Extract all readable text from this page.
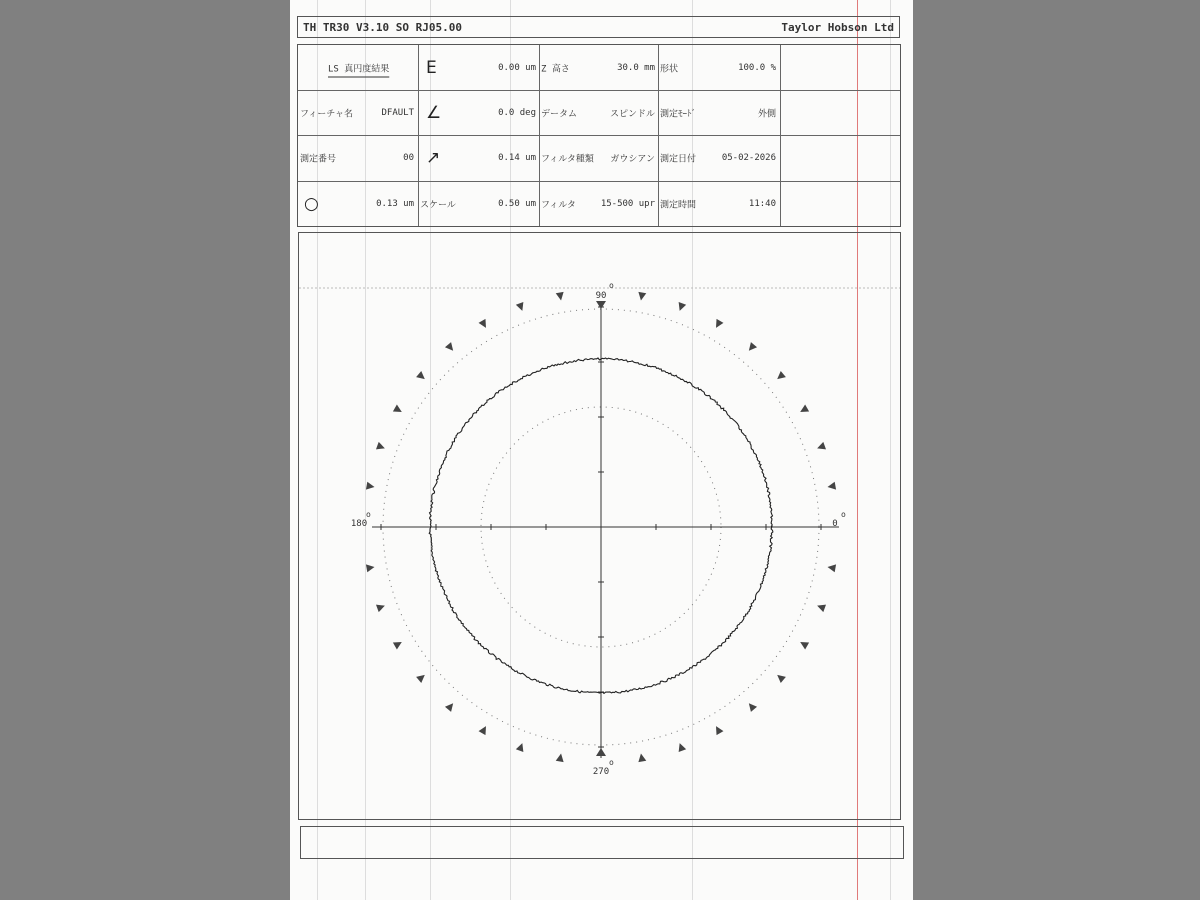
TH TR30 V3.10 SO RJ05.00	Taylor Hobson Ltd
LS 真円度結果 E	0.00 um Z 高さ	30.0 mm 形状	100.0 %
フィーチャ名	DFAULT ∠	0.0 deg データム	スピンドル 測定ﾓｰﾄﾞ	外側
測定番号	00 ↗	0.14 um フィルタ種類 ガウシアン 測定日付	05-02-2026
○	0.13 um スケール	0.50 um フィルタ	15-500 upr 測定時間	11:40
90
o
270
o
180
o
0
o
